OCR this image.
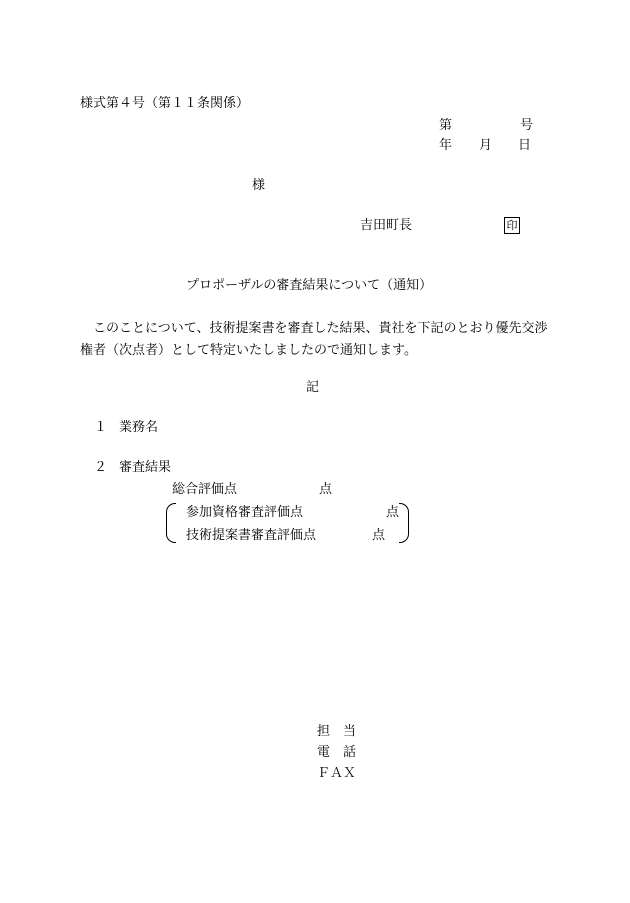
様式第４号（第１１条関係）
第	号
年 月 日
様
吉田町長	印
プロポーザルの審査結果について（通知）
このことについて、技術提案書を審査した結果、貴社を下記のとおり優先交渉権者（次点者）として特定いたしましたので通知します。
記
１ 業務名
２ 審査結果
総合評価点	点
参加資格審査評価点	点
技術提案書審査評価点	点
担　当
電　話
ＦＡＸ
